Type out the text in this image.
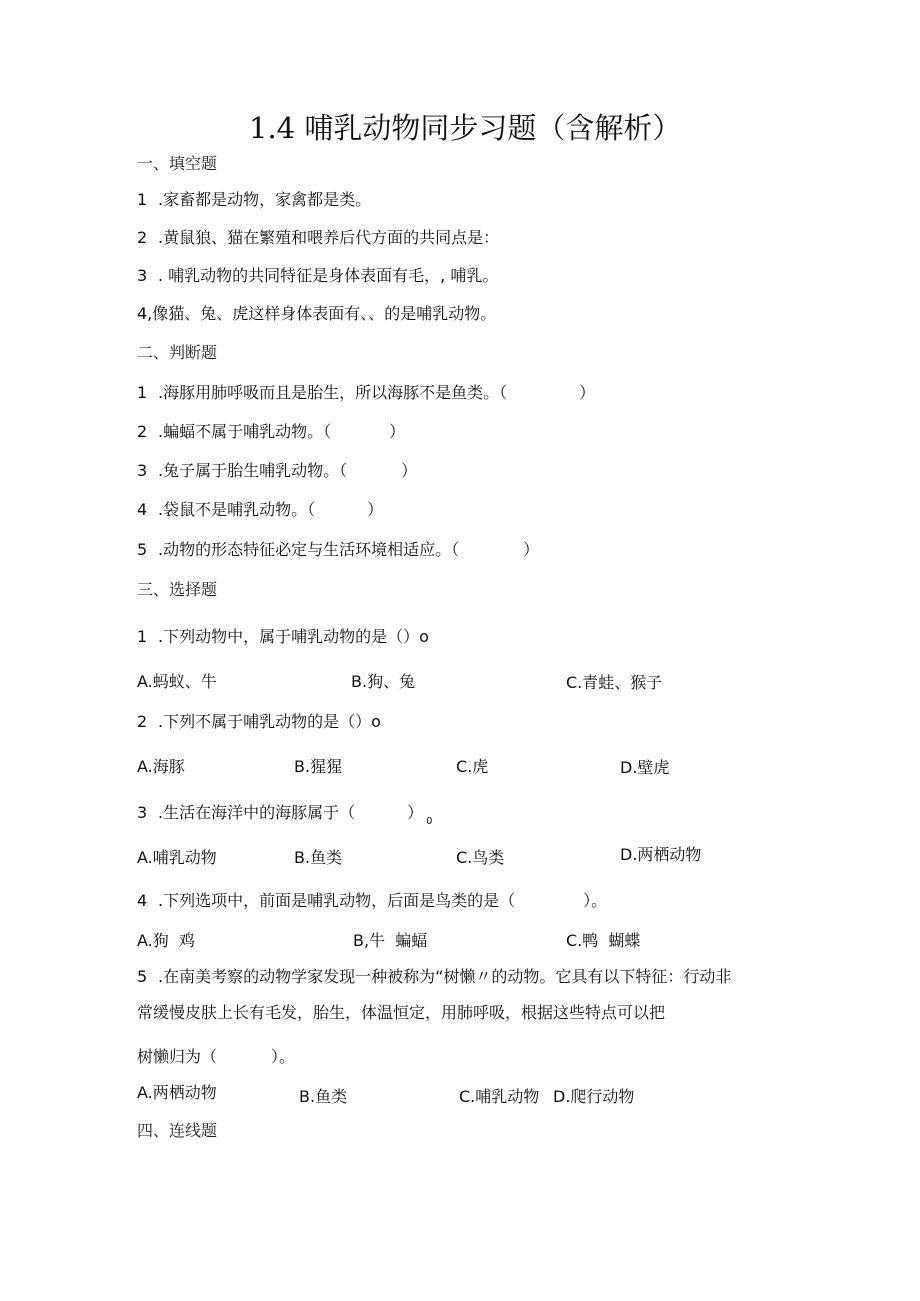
1.4 哺乳动物同步习题（含解析）
一、填空题
1 .家畜都是动物，家禽都是类。
2 .黄鼠狼、猫在繁殖和喂养后代方面的共同点是：
3 . 哺乳动物的共同特征是身体表面有毛，, 哺乳。
4,像猫、兔、虎这样身体表面有、、的是哺乳动物。
二、判断题
1 .海豚用肺呼吸而且是胎生，所以海豚不是鱼类。（	）
2 .蝙蝠不属于哺乳动物。（	）
3 .兔子属于胎生哺乳动物。（	）
4 .袋鼠不是哺乳动物。（	）
5 .动物的形态特征必定与生活环境相适应。（	）
三、选择题
1 .下列动物中，属于哺乳动物的是（）o
A.蚂蚁、牛	B.狗、兔	C.青蛙、猴子
2 .下列不属于哺乳动物的是（）o
A.海豚	B.猩猩	C.虎	D.壁虎
3 .生活在海洋中的海豚属于（	） $_0$
A.哺乳动物	B.鱼类	C.鸟类	D.两栖动物
4 .下列选项中，前面是哺乳动物，后面是鸟类的是（	）。
A.狗  鸡	B,牛  蝙蝠	C.鸭  蝴蝶
5 .在南美考察的动物学家发现一种被称为“树懒〃的动物。它具有以下特征：行动非
常缓慢皮肤上长有毛发，胎生，体温恒定，用肺呼吸，根据这些特点可以把
树懒归为（	）。
A.两栖动物	B.鱼类	C.哺乳动物 D.爬行动物
四、连线题
